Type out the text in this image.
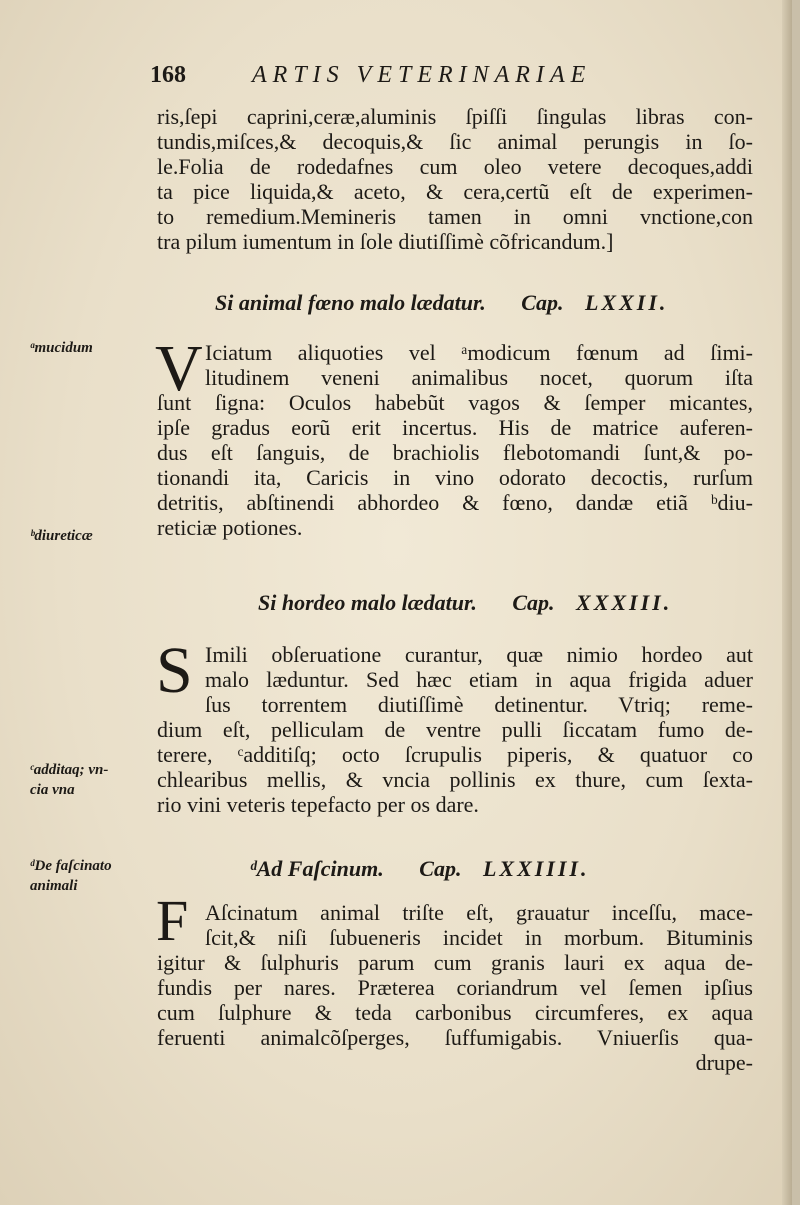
168	ARTIS VETERINARIAE
ris,ſepi caprini,ceræ,aluminis ſpiſſi ſingulas libras con-
tundis,miſces,& decoquis,& ſic animal perungis in ſo-
le.Folia de rodedafnes cum oleo vetere decoques,addi
ta pice liquida,& aceto, & cera,certũ eſt de experimen-
to remedium.Memineris tamen in omni vnctione,con
tra pilum iumentum in ſole diutiſſimè cõfricandum.]
Si animal fœno malo lædatur. Cap. LXXII.
V Iciatum aliquoties vel ᵃmodicum fœnum ad ſimi-
litudinem veneni animalibus nocet, quorum iſta
ſunt ſigna: Oculos habebũt vagos & ſemper micantes,
ipſe gradus eorũ erit incertus. His de matrice auferen-
dus eſt ſanguis, de brachiolis flebotomandi ſunt,& po-
tionandi ita, Caricis in vino odorato decoctis, rurſum
detritis, abſtinendi abhordeo & fœno, dandæ etiã ᵇdiu-
reticiæ potiones.
Si hordeo malo lædatur. Cap. XXXIII.
S Imili obſeruatione curantur, quæ nimio hordeo aut
malo læduntur. Sed hæc etiam in aqua frigida aduer
ſus torrentem diutiſſimè detinentur. Vtriq; reme-
dium eſt, pelliculam de ventre pulli ſiccatam fumo de-
terere, ᶜadditiſq; octo ſcrupulis piperis, & quatuor co
chlearibus mellis, & vncia pollinis ex thure, cum ſexta-
rio vini veteris tepefacto per os dare.
ᵈAd Faſcinum. Cap. LXXIIII.
F Aſcinatum animal triſte eſt, grauatur inceſſu, mace-
ſcit,& niſi ſubueneris incidet in morbum. Bituminis
igitur & ſulphuris parum cum granis lauri ex aqua de-
fundis per nares. Præterea coriandrum vel ſemen ipſius
cum ſulphure & teda carbonibus circumferes, ex aqua
feruenti animalcõſperges, ſuffumigabis. Vniuerſis qua-
drupe-
ᵃmucidum
ᵇdiureticæ
ᶜadditaq; vn-
cia vna
ᵈDe faſcinato
animali
